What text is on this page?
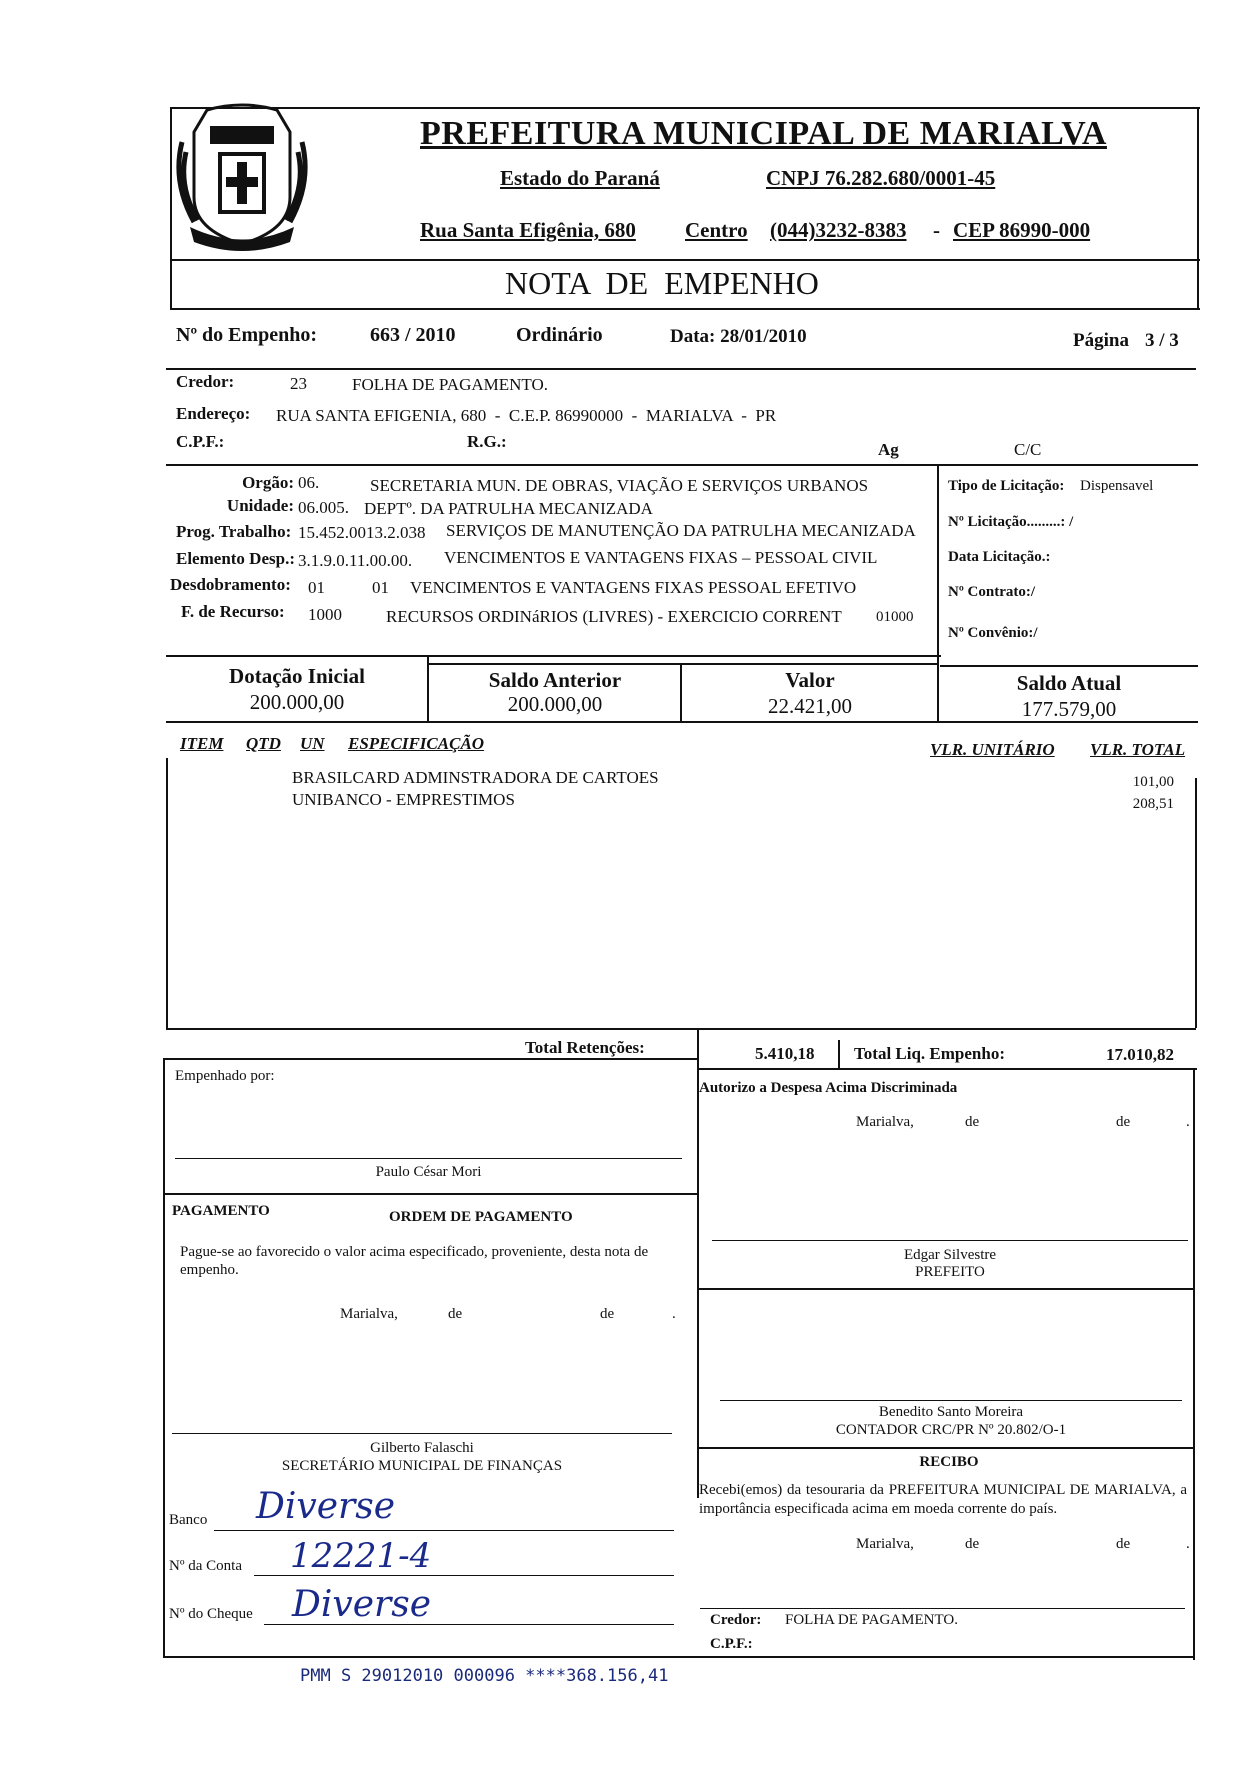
PREFEITURA MUNICIPAL DE MARIALVA
Estado do Paraná	CNPJ 76.282.680/0001-45
Rua Santa Efigênia, 680 Centro (044)3232-8383 - CEP 86990-000
NOTA  DE  EMPENHO
Nº do Empenho:	663 / 2010	Ordinário	Data: 28/01/2010	Página 3 / 3
Credor:	23	FOLHA DE PAGAMENTO.
Endereço: RUA SANTA EFIGENIA, 680  -  C.E.P. 86990000  -  MARIALVA  -  PR
C.P.F.:	R.G.:	Ag	C/C
Orgão: 06.	SECRETARIA MUN. DE OBRAS, VIAÇÃO E SERVIÇOS URBANOS
Unidade: 06.005. DEPTº. DA PATRULHA MECANIZADA
Prog. Trabalho: 15.452.0013.2.038 SERVIÇOS DE MANUTENÇÃO DA PATRULHA MECANIZADA
Elemento Desp.: 3.1.9.0.11.00.00. VENCIMENTOS E VANTAGENS FIXAS – PESSOAL CIVIL
Desdobramento: 01	01 VENCIMENTOS E VANTAGENS FIXAS PESSOAL EFETIVO
F. de Recurso: 1000	RECURSOS ORDINáRIOS (LIVRES) - EXERCICIO CORRENT 01000
Tipo de Licitação: Dispensavel
Nº Licitação.........: /
Data Licitação.:
Nº Contrato:/
Nº Convênio:/
Dotação Inicial
200.000,00
Saldo Anterior
200.000,00
Valor
22.421,00
Saldo Atual
177.579,00
ITEM QTD UN ESPECIFICAÇÃO	VLR. UNITÁRIO VLR. TOTAL
BRASILCARD ADMINSTRADORA DE CARTOES	101,00
UNIBANCO - EMPRESTIMOS	208,51
Total Retenções:	5.410,18 Total Liq. Empenho:	17.010,82
Empenhado por:
Paulo César Mori
PAGAMENTO	ORDEM DE PAGAMENTO
Pague-se ao favorecido o valor acima especificado, proveniente, desta nota de empenho.
Marialva,	de	de	.
Gilberto Falaschi
SECRETÁRIO MUNICIPAL DE FINANÇAS
Banco Diverse
Nº da Conta 12221-4
Nº do Cheque Diverse
Autorizo a Despesa Acima Discriminada
Marialva,	de	de	.
Edgar Silvestre
PREFEITO
Benedito Santo Moreira
CONTADOR CRC/PR Nº 20.802/O-1
RECIBO
Recebi(emos) da tesouraria da PREFEITURA MUNICIPAL DE MARIALVA, a importância especificada acima em moeda corrente do país.
Marialva,	de	de	.
Credor: FOLHA DE PAGAMENTO.
C.P.F.:
PMM S 29012010 000096 ****368.156,41
